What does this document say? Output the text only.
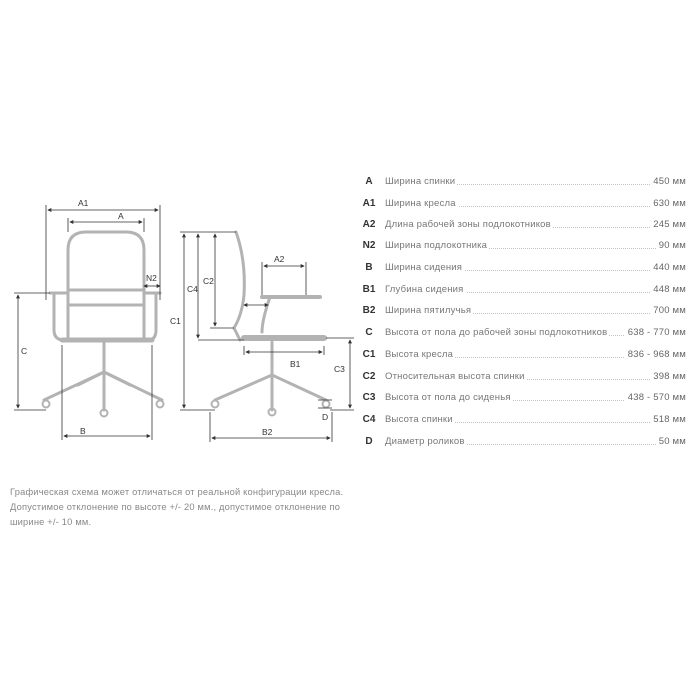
A1
A
N2
C
B
C1
C4
C2
A2
B1	C3
D
B2
A	Ширина спинки	450 мм
A1 Ширина кресла	630 мм
A2 Длина рабочей зоны подлокотников	245 мм
N2 Ширина подлокотника	90 мм
B	Ширина сидения	440 мм
B1 Глубина сидения	448 мм
B2 Ширина пятилучья	700 мм
C	Высота от пола до рабочей зоны подлокотников	638 - 770 мм
C1 Высота кресла	836 - 968 мм
C2 Относительная высота спинки	398 мм
C3 Высота от пола до сиденья	438 - 570 мм
C4 Высота спинки	518 мм
D	Диаметр роликов	50 мм
Графическая схема может отличаться от реальной конфигурации кресла. Допустимое отклонение по высоте +/- 20 мм., допустимое отклонение по ширине +/- 10 мм.
